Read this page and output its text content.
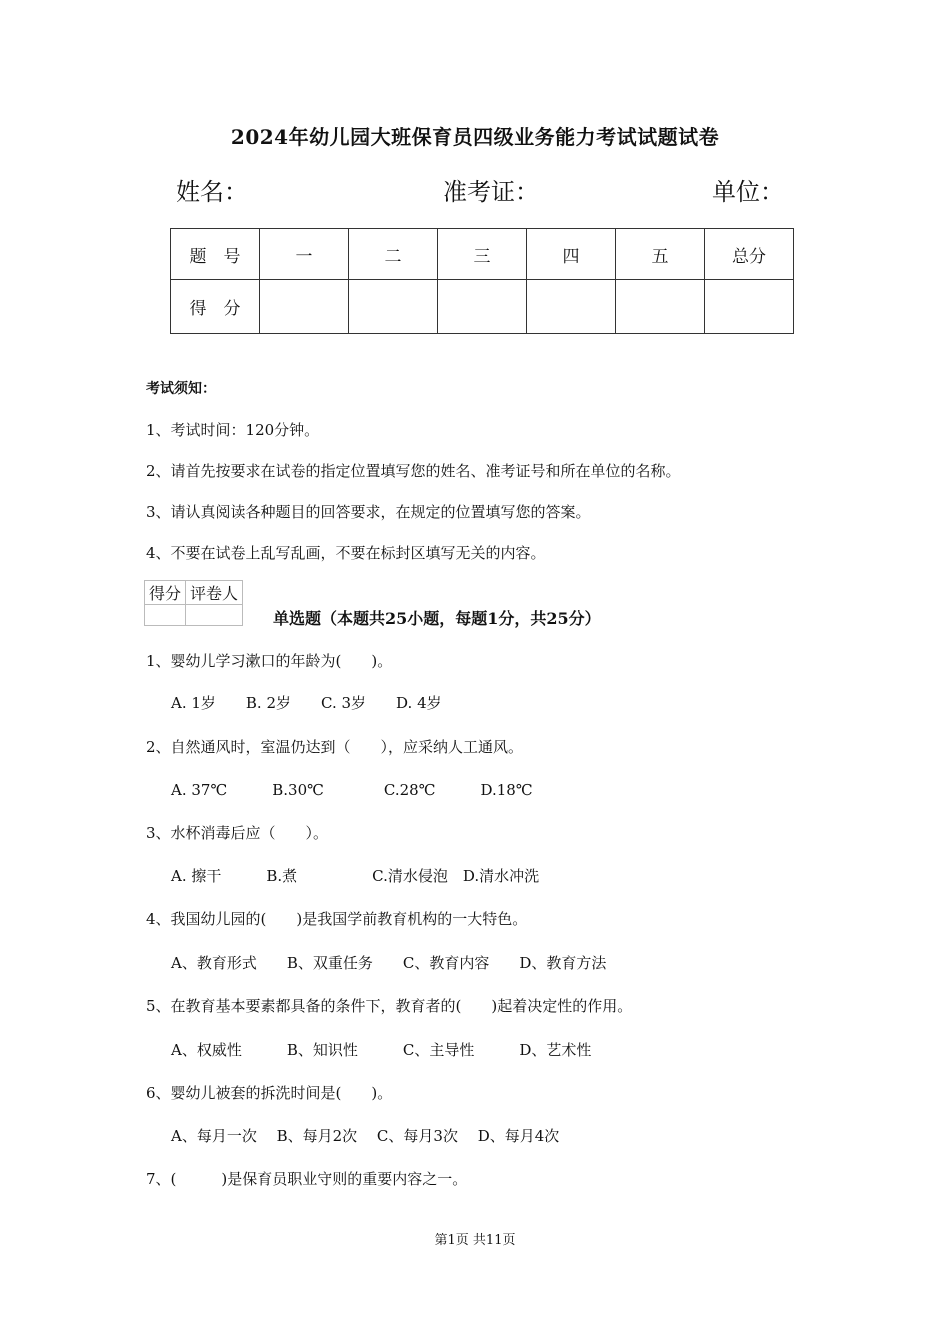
2024年幼儿园大班保育员四级业务能力考试试题试卷
姓名：	准考证：	单位：
题　号	一	二	三	四	五	总分
得　分						
考试须知：
1、考试时间：120分钟。
2、请首先按要求在试卷的指定位置填写您的姓名、准考证号和所在单位的名称。
3、请认真阅读各种题目的回答要求，在规定的位置填写您的答案。
4、不要在试卷上乱写乱画，不要在标封区填写无关的内容。
得分	评卷人

单选题（本题共25小题，每题1分，共25分）
1、婴幼儿学习漱口的年龄为(　　)。
A. 1岁　　B. 2岁　　C. 3岁　　D. 4岁
2、自然通风时，室温仍达到（　　），应采纳人工通风。
A. 37℃　　　B.30℃　　　　C.28℃　　　D.18℃
3、水杯消毒后应（　　）。
A. 擦干　　　B.煮　　　　　C.清水侵泡　D.清水冲洗
4、我国幼儿园的(　　)是我国学前教育机构的一大特色。
A、教育形式　　B、双重任务　　C、教育内容　　D、教育方法
5、在教育基本要素都具备的条件下，教育者的(　　)起着决定性的作用。
A、权威性　　　B、知识性　　　C、主导性　　　D、艺术性
6、婴幼儿被套的拆洗时间是(　　)。
A、每月一次　 B、每月2次　 C、每月3次　 D、每月4次
7、(　　　)是保育员职业守则的重要内容之一。
第1页 共11页
